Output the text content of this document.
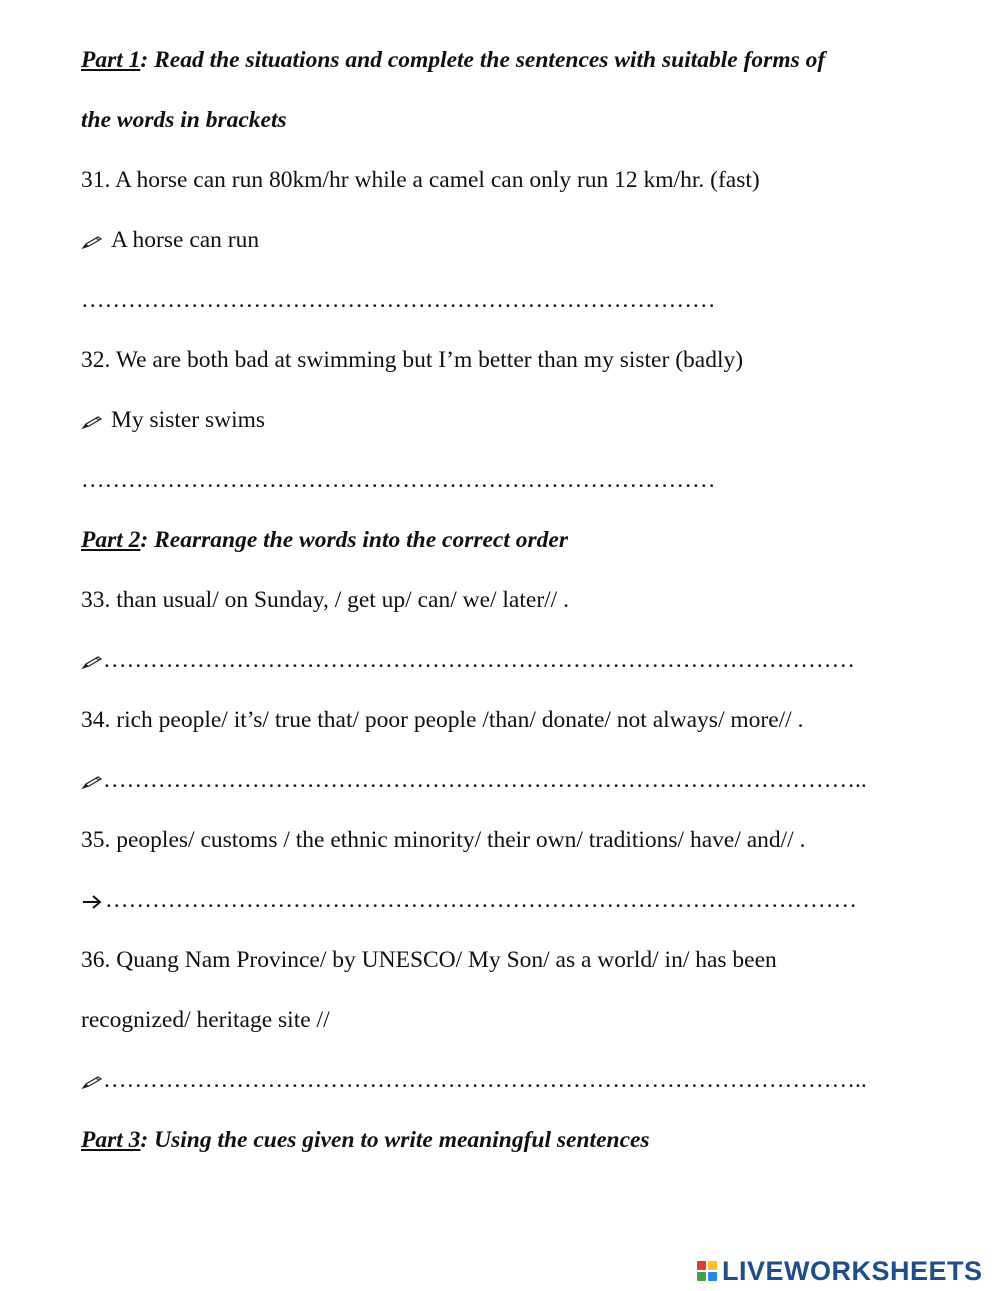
Part 1: Read the situations and complete the sentences with suitable forms of
the words in brackets
31. A horse can run 80km/hr while a camel can only run 12 km/hr. (fast)
A horse can run
………………………………………………………………………
32. We are both bad at swimming but I’m better than my sister (badly)
My sister swims
………………………………………………………………………
Part 2: Rearrange the words into the correct order
33. than usual/ on Sunday, / get up/ can/ we/ later// .
……………………………………………………………………………………
34. rich people/ it’s/ true that/ poor people /than/ donate/ not always/ more// .
……………………………………………………………………………………..
35. peoples/ customs / the ethnic minority/ their own/ traditions/ have/ and// .
……………………………………………………………………………………
36. Quang Nam Province/ by UNESCO/ My Son/ as a world/ in/ has been
recognized/ heritage site //
……………………………………………………………………………………..
Part 3: Using the cues given to write meaningful sentences
LIVEWORKSHEETS
